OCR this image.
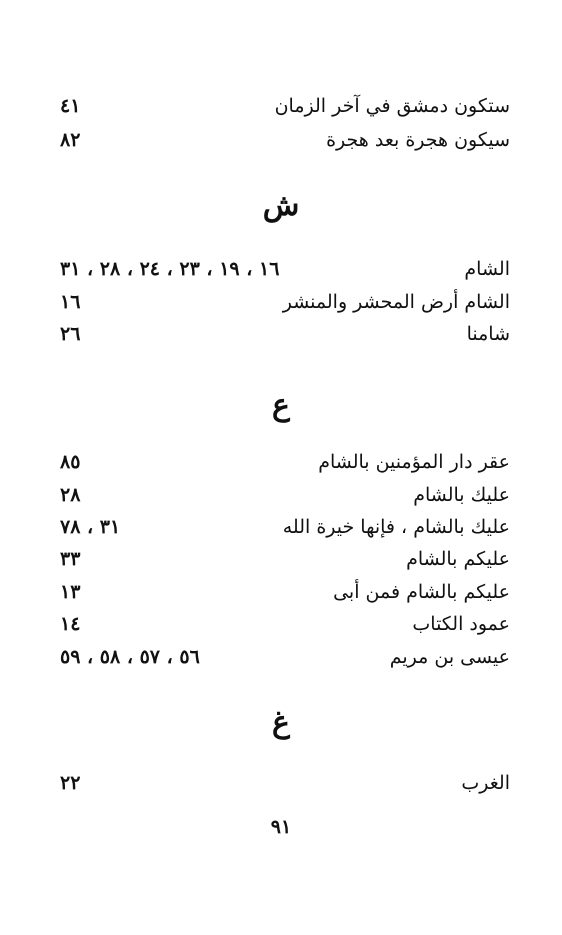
ستكون دمشق في آخر الزمان
٤١
سيكون هجرة بعد هجرة
٨٢
ش
الشام
١٦ ، ١٩ ، ٢٣ ، ٢٤ ، ٢٨ ، ٣١
الشام أرض المحشر والمنشر
١٦
شامنا
٢٦
ع
عقر دار المؤمنين بالشام
٨٥
عليك بالشام
٢٨
عليك بالشام ، فإنها خيرة الله
٣١ ، ٧٨
عليكم بالشام
٣٣
عليكم بالشام فمن أبى
١٣
عمود الكتاب
١٤
عيسى بن مريم
٥٦ ، ٥٧ ، ٥٨ ، ٥٩
غ
الغرب
٢٢
٩١
